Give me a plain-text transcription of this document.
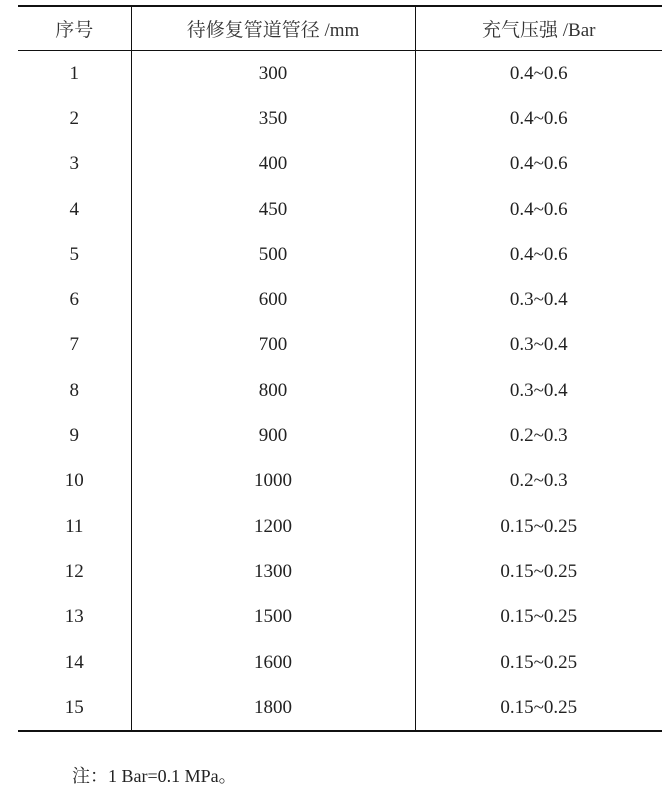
序号	待修复管道管径 /mm	充气压强 /Bar
1	300	0.4~0.6
2	350	0.4~0.6
3	400	0.4~0.6
4	450	0.4~0.6
5	500	0.4~0.6
6	600	0.3~0.4
7	700	0.3~0.4
8	800	0.3~0.4
9	900	0.2~0.3
10	1000	0.2~0.3
11	1200	0.15~0.25
12	1300	0.15~0.25
13	1500	0.15~0.25
14	1600	0.15~0.25
15	1800	0.15~0.25
注：1 Bar=0.1 MPa。
